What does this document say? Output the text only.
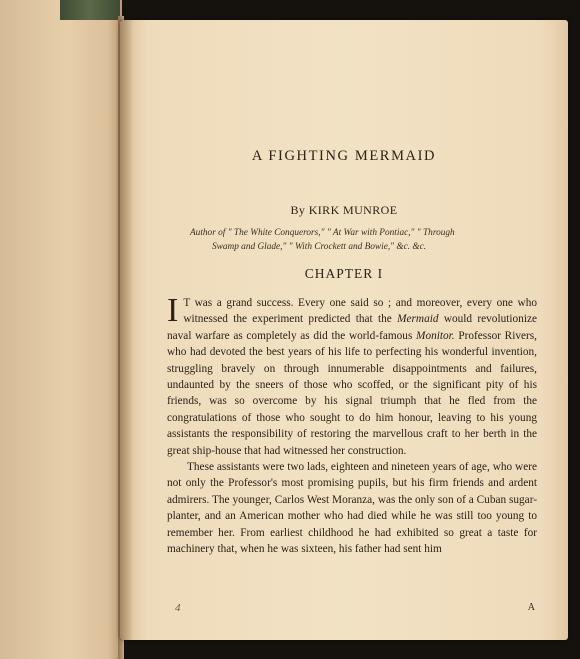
A FIGHTING MERMAID
By KIRK MUNROE
Author of " The White Conquerors," " At War with Pontiac," " Through
Swamp and Glade," " With Crockett and Bowie," &c. &c.
CHAPTER I

I T was a grand success. Every one said so ; and moreover, every one who witnessed the experiment predicted that the Mermaid would revolutionize naval warfare as completely as did the world-famous Monitor. Professor Rivers, who had devoted the best years of his life to perfecting his wonderful invention, struggling bravely on through innumerable disappointments and failures, undaunted by the sneers of those who scoffed, or the significant pity of his friends, was so overcome by his signal triumph that he fled from the congratulations of those who sought to do him honour, leaving to his young assistants the responsibility of restoring the marvellous craft to her berth in the great ship-house that had witnessed her construction.

These assistants were two lads, eighteen and nineteen years of age, who were not only the Professor's most promising pupils, but his firm friends and ardent admirers. The younger, Carlos West Moranza, was the only son of a Cuban sugar-planter, and an American mother who had died while he was still too young to remember her. From earliest childhood he had exhibited so great a taste for machinery that, when he was sixteen, his father had sent him

4	A
